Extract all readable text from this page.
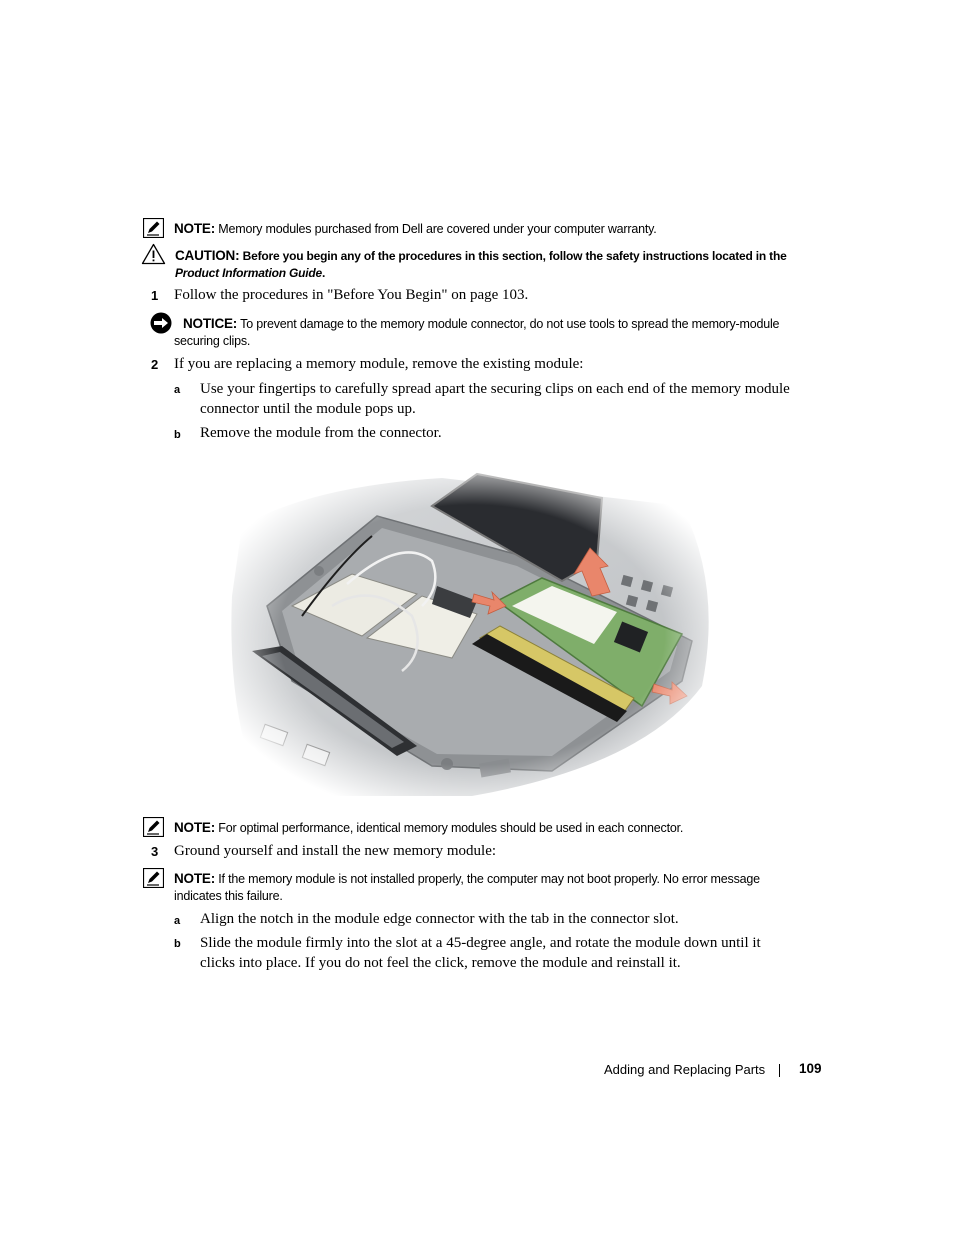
NOTE: Memory modules purchased from Dell are covered under your computer warranty.
CAUTION: Before you begin any of the procedures in this section, follow the safety instructions located in the
Product Information Guide.
1 Follow the procedures in "Before You Begin" on page 103.
NOTICE: To prevent damage to the memory module connector, do not use tools to spread the memory-module
securing clips.
2 If you are replacing a memory module, remove the existing module:
a Use your fingertips to carefully spread apart the securing clips on each end of the memory module
connector until the module pops up.
b Remove the module from the connector.
NOTE: For optimal performance, identical memory modules should be used in each connector.
3 Ground yourself and install the new memory module:
NOTE: If the memory module is not installed properly, the computer may not boot properly. No error message
indicates this failure.
a Align the notch in the module edge connector with the tab in the connector slot.
b Slide the module firmly into the slot at a 45-degree angle, and rotate the module down until it
clicks into place. If you do not feel the click, remove the module and reinstall it.
Adding and Replacing Parts	109
